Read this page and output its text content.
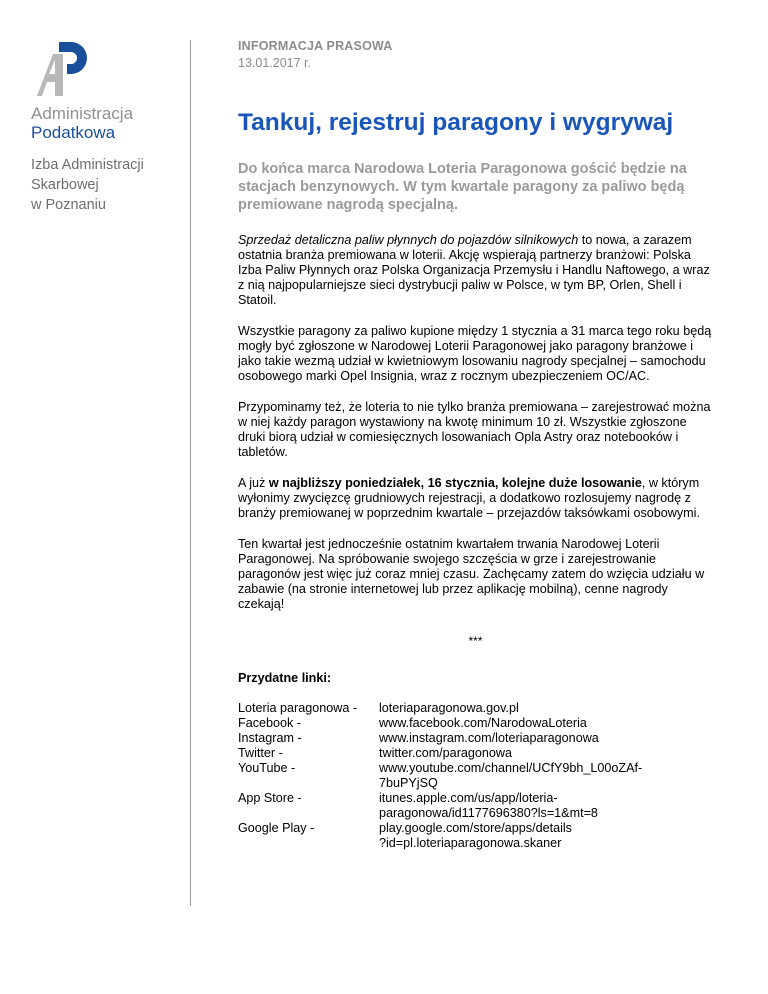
Administracja
Podatkowa
Izba Administracji
Skarbowej
w Poznaniu
INFORMACJA PRASOWA
13.01.2017 r.
Tankuj, rejestruj paragony i wygrywaj
Do końca marca Narodowa Loteria Paragonowa gościć będzie na stacjach benzynowych. W tym kwartale paragony za paliwo będą premiowane nagrodą specjalną.
Sprzedaż detaliczna paliw płynnych do pojazdów silnikowych to nowa, a zarazem ostatnia branża premiowana w loterii. Akcję wspierają partnerzy branżowi: Polska Izba Paliw Płynnych oraz Polska Organizacja Przemysłu i Handlu Naftowego, a wraz z nią najpopularniejsze sieci dystrybucji paliw w Polsce, w tym BP, Orlen, Shell i Statoil.
Wszystkie paragony za paliwo kupione między 1 stycznia a 31 marca tego roku będą mogły być zgłoszone w Narodowej Loterii Paragonowej jako paragony branżowe i jako takie wezmą udział w kwietniowym losowaniu nagrody specjalnej – samochodu osobowego marki Opel Insignia, wraz z rocznym ubezpieczeniem OC/AC.
Przypominamy też, że loteria to nie tylko branża premiowana – zarejestrować można w niej każdy paragon wystawiony na kwotę minimum 10 zł. Wszystkie zgłoszone druki biorą udział w comiesięcznych losowaniach Opla Astry oraz notebooków i tabletów.
A już w najbliższy poniedziałek, 16 stycznia, kolejne duże losowanie, w którym wyłonimy zwycięzcę grudniowych rejestracji, a dodatkowo rozlosujemy nagrodę z branży premiowanej w poprzednim kwartale – przejazdów taksówkami osobowymi.
Ten kwartał jest jednocześnie ostatnim kwartałem trwania Narodowej Loterii Paragonowej. Na spróbowanie swojego szczęścia w grze i zarejestrowanie paragonów jest więc już coraz mniej czasu. Zachęcamy zatem do wzięcia udziału w zabawie (na stronie internetowej lub przez aplikację mobilną), cenne nagrody czekają!
***
Przydatne linki:
Loteria paragonowa -	loteriaparagonowa.gov.pl
Facebook -	www.facebook.com/NarodowaLoteria
Instagram -	www.instagram.com/loteriaparagonowa
Twitter -	twitter.com/paragonowa
YouTube -	www.youtube.com/channel/UCfY9bh_L00oZAf-
7buPYjSQ
App Store -	itunes.apple.com/us/app/loteria-
paragonowa/id1177696380?ls=1&mt=8
Google Play -	play.google.com/store/apps/details
?id=pl.loteriaparagonowa.skaner
